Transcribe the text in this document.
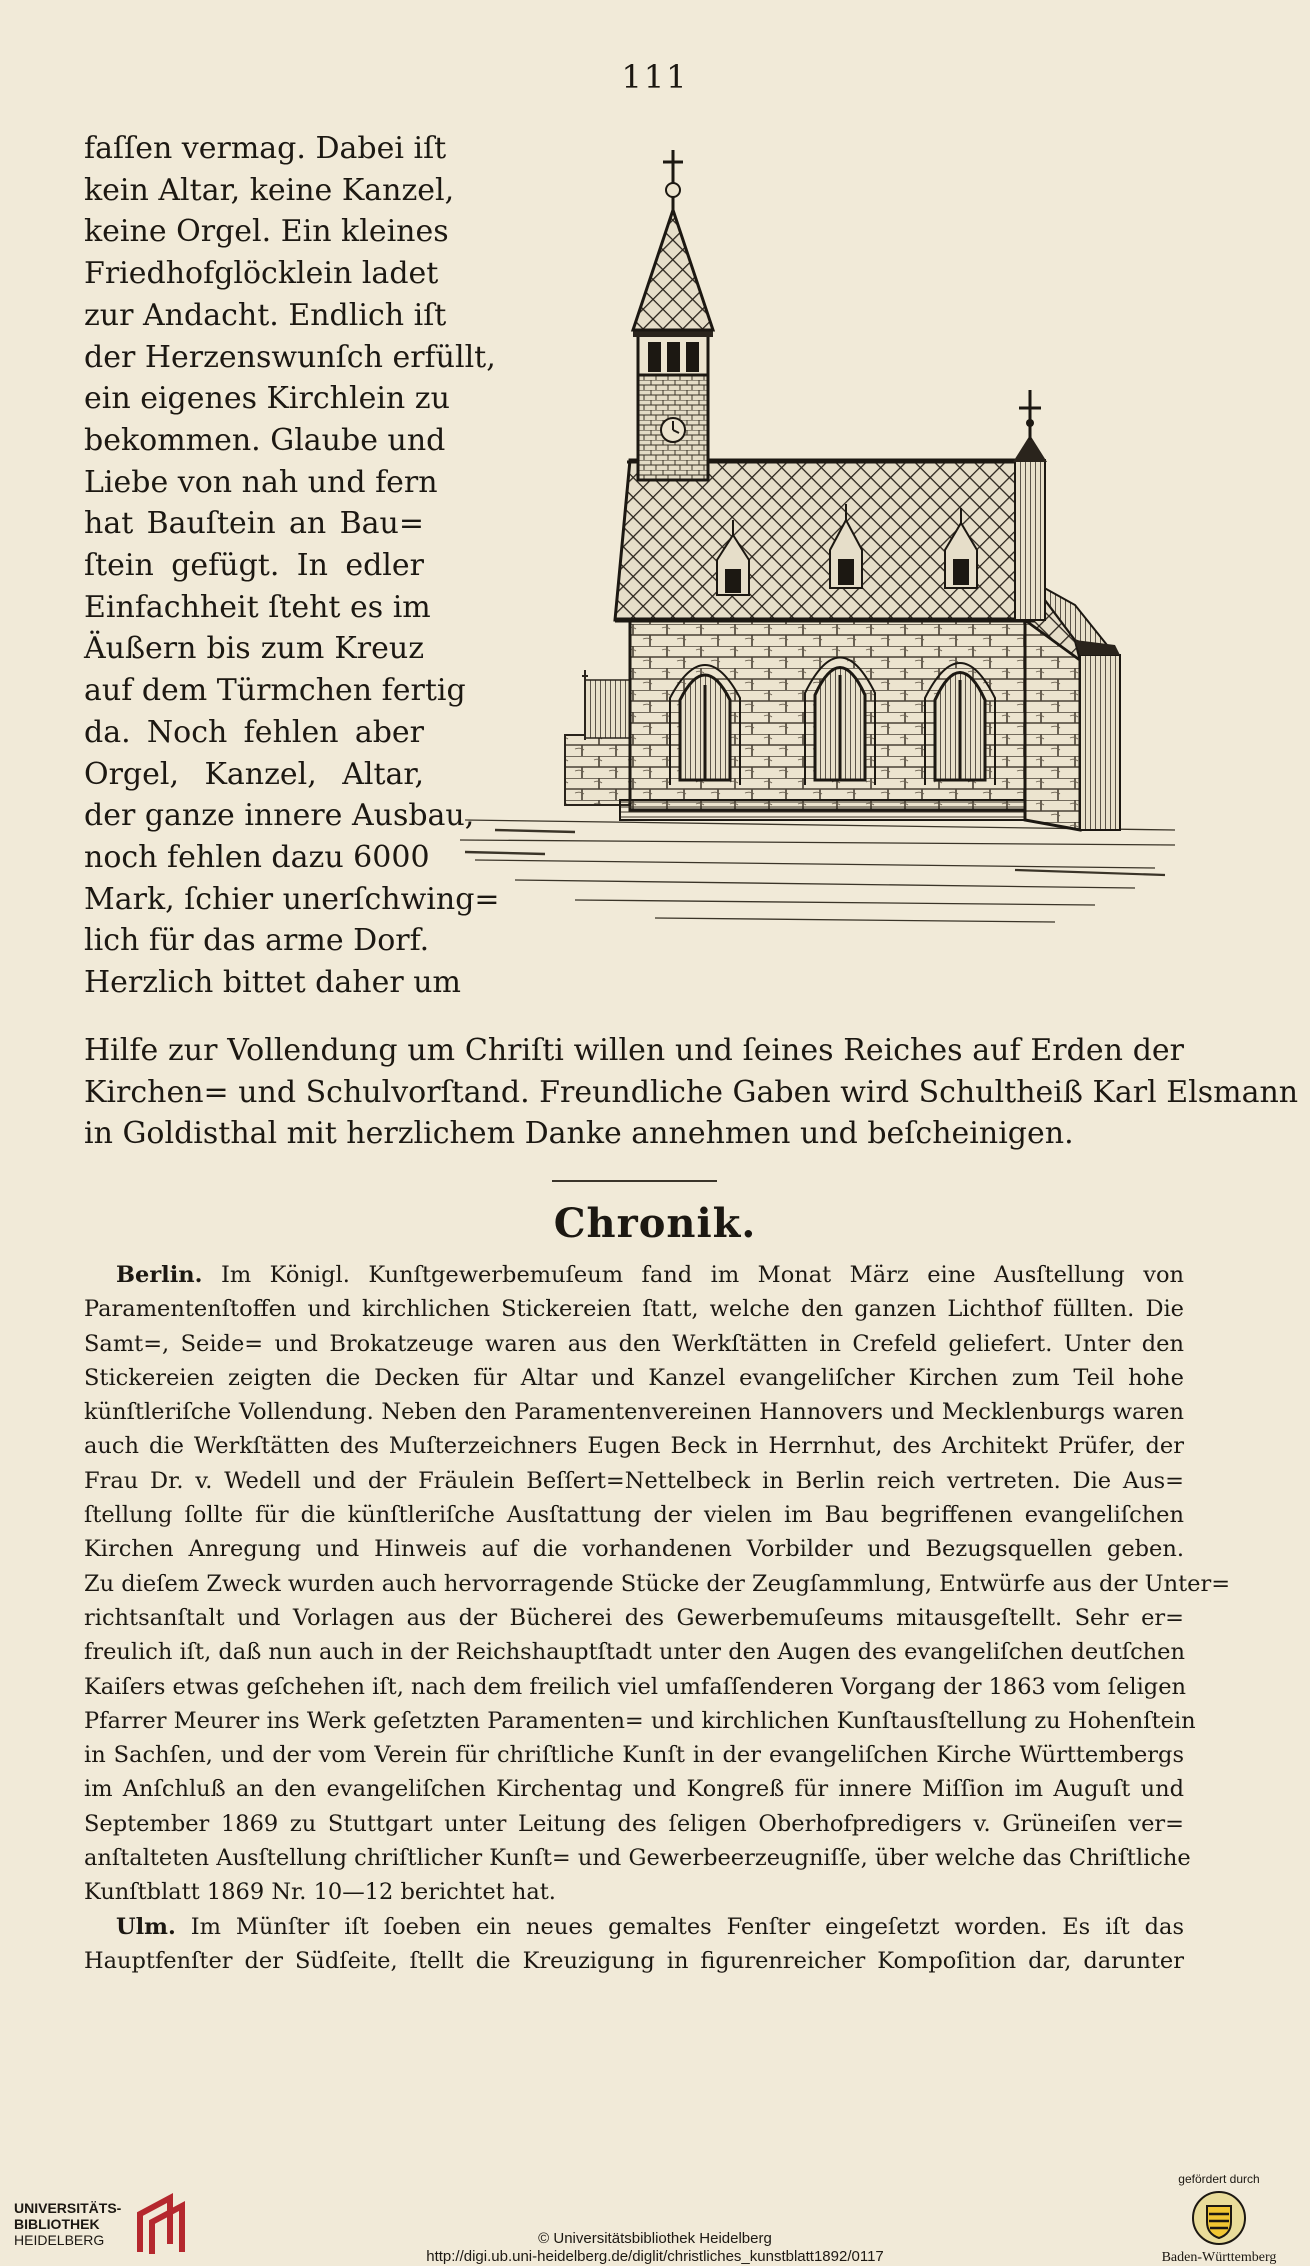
111
faſſen vermag. Dabei iſt
kein Altar, keine Kanzel,
keine Orgel. Ein kleines
Friedhofglöcklein ladet
zur Andacht. Endlich iſt
der Herzenswunſch erfüllt,
ein eigenes Kirchlein zu
bekommen. Glaube und
Liebe von nah und fern
hat Bauſtein an Bau=
ſtein gefügt. In edler
Einfachheit ſteht es im
Äußern bis zum Kreuz
auf dem Türmchen fertig
da. Noch fehlen aber
Orgel, Kanzel, Altar,
der ganze innere Ausbau,
noch fehlen dazu 6000
Mark, ſchier unerſchwing=
lich für das arme Dorf.
Herzlich bittet daher um
Hilfe zur Vollendung um Chriſti willen und ſeines Reiches auf Erden der
Kirchen= und Schulvorſtand. Freundliche Gaben wird Schultheiß Karl Elsmann
in Goldisthal mit herzlichem Danke annehmen und beſcheinigen.
Chronik.
Berlin. Im Königl. Kunſtgewerbemuſeum fand im Monat März eine Ausſtellung von
Paramentenſtoffen und kirchlichen Stickereien ſtatt, welche den ganzen Lichthof füllten. Die
Samt=, Seide= und Brokatzeuge waren aus den Werkſtätten in Crefeld geliefert. Unter den
Stickereien zeigten die Decken für Altar und Kanzel evangeliſcher Kirchen zum Teil hohe
künſtleriſche Vollendung. Neben den Paramentenvereinen Hannovers und Mecklenburgs waren
auch die Werkſtätten des Muſterzeichners Eugen Beck in Herrnhut, des Architekt Prüfer, der
Frau Dr. v. Wedell und der Fräulein Beſſert=Nettelbeck in Berlin reich vertreten. Die Aus=
ſtellung ſollte für die künſtleriſche Ausſtattung der vielen im Bau begriffenen evangeliſchen
Kirchen Anregung und Hinweis auf die vorhandenen Vorbilder und Bezugsquellen geben.
Zu dieſem Zweck wurden auch hervorragende Stücke der Zeugſammlung, Entwürfe aus der Unter=
richtsanſtalt und Vorlagen aus der Bücherei des Gewerbemuſeums mitausgeſtellt. Sehr er=
freulich iſt, daß nun auch in der Reichshauptſtadt unter den Augen des evangeliſchen deutſchen
Kaiſers etwas geſchehen iſt, nach dem freilich viel umfaſſenderen Vorgang der 1863 vom ſeligen
Pfarrer Meurer ins Werk geſetzten Paramenten= und kirchlichen Kunſtausſtellung zu Hohenſtein
in Sachſen, und der vom Verein für chriſtliche Kunſt in der evangeliſchen Kirche Württembergs
im Anſchluß an den evangeliſchen Kirchentag und Kongreß für innere Miſſion im Auguſt und
September 1869 zu Stuttgart unter Leitung des ſeligen Oberhofpredigers v. Grüneiſen ver=
anſtalteten Ausſtellung chriſtlicher Kunſt= und Gewerbeerzeugniſſe, über welche das Chriſtliche
Kunſtblatt 1869 Nr. 10—12 berichtet hat.
Ulm. Im Münſter iſt ſoeben ein neues gemaltes Fenſter eingeſetzt worden. Es iſt das
Hauptfenſter der Südſeite, ſtellt die Kreuzigung in figurenreicher Kompoſition dar, darunter
UNIVERSITÄTS-
BIBLIOTHEK
HEIDELBERG	© Universitätsbibliothek Heidelberg
http://digi.ub.uni-heidelberg.de/diglit/christliches_kunstblatt1892/0117
gefördert durch
Baden-Württemberg
